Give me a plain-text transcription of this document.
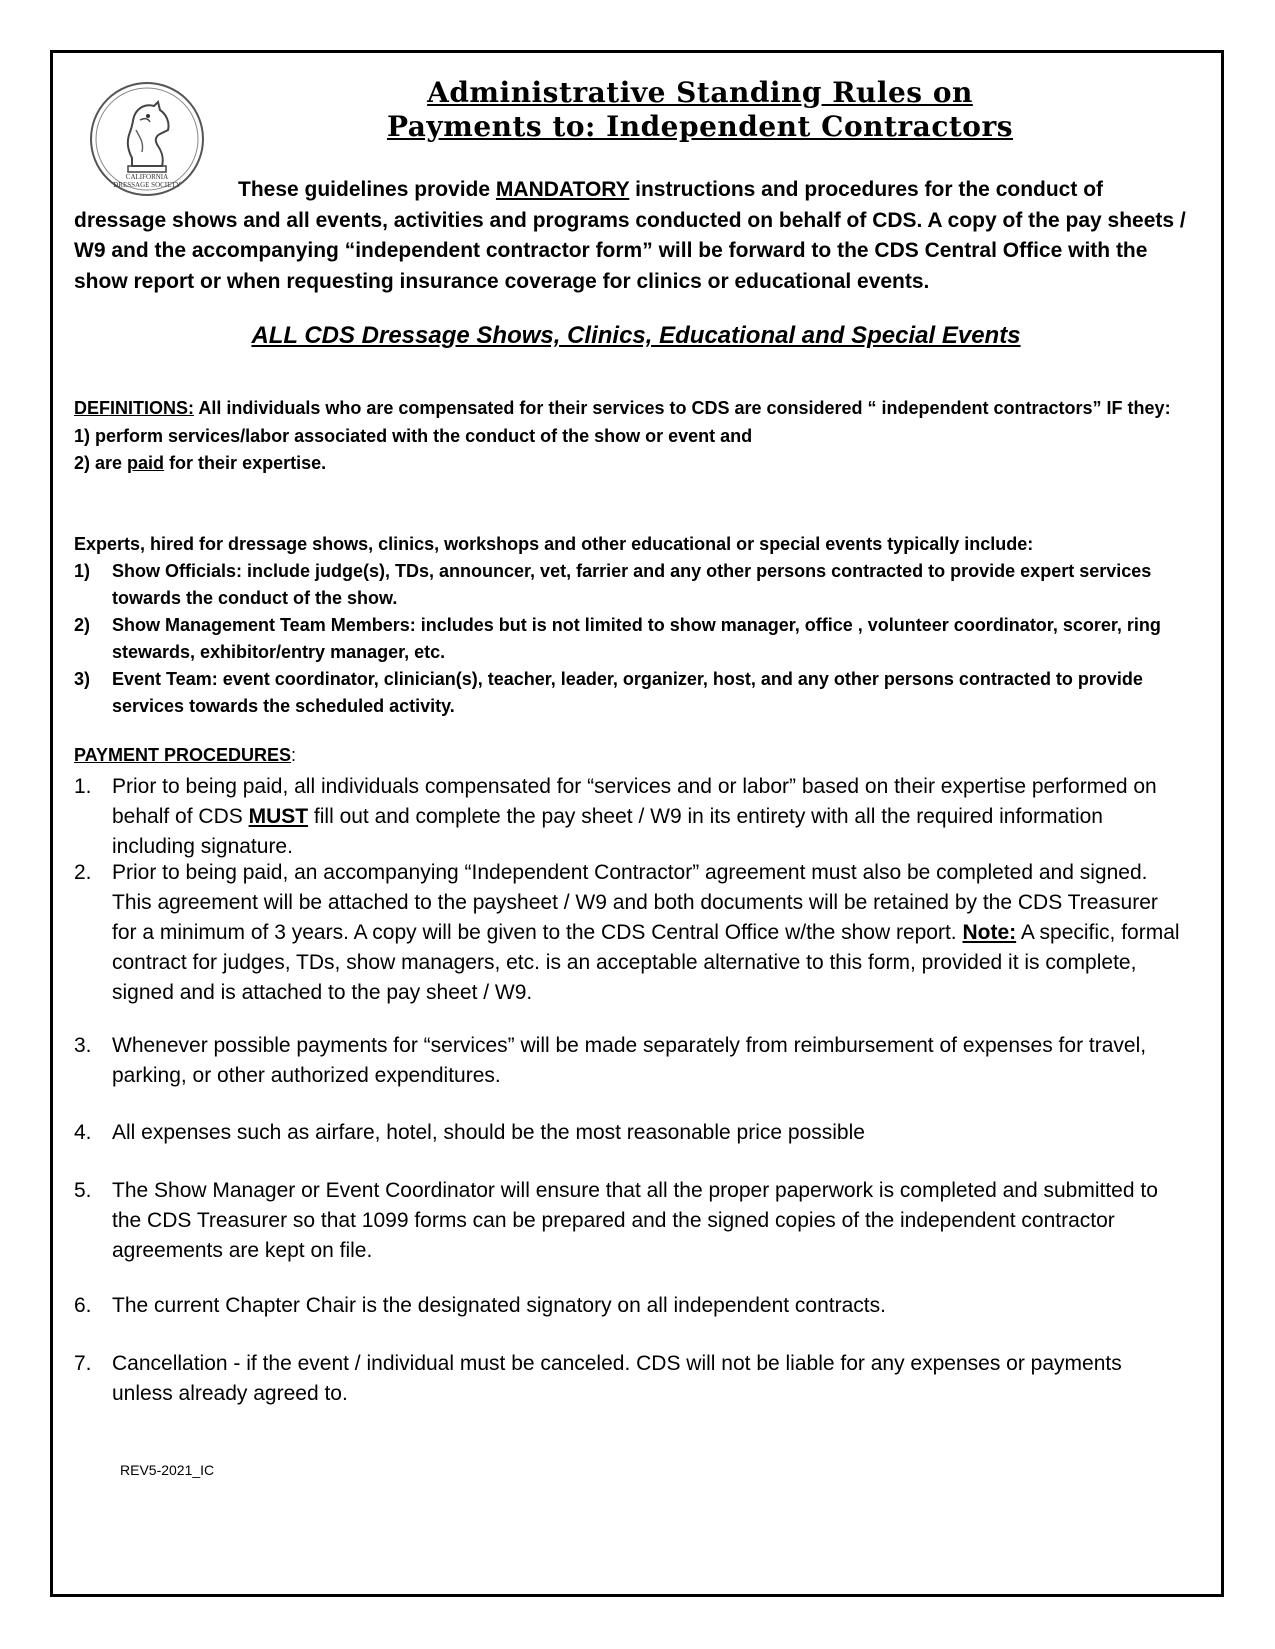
CALIFORNIA
DRESSAGE SOCIETY
Administrative Standing Rules on
Payments to: Independent Contractors
These guidelines provide MANDATORY instructions and procedures for the conduct of
dressage shows and all events, activities and programs conducted on behalf of CDS. A copy of the pay sheets / W9 and the accompanying “independent contractor form” will be forward to the CDS Central Office with the show report or when requesting insurance coverage for clinics or educational events.
ALL CDS Dressage Shows, Clinics, Educational and Special Events
DEFINITIONS: All individuals who are compensated for their services to CDS are considered “ independent contractors” IF they:
1) perform services/labor associated with the conduct of the show or event and
2) are paid for their expertise.
Experts, hired for dressage shows, clinics, workshops and other educational or special events typically include:
1) Show Officials: include judge(s), TDs, announcer, vet, farrier and any other persons contracted to provide expert services towards the conduct of the show.
2) Show Management Team Members: includes but is not limited to show manager, office , volunteer coordinator, scorer, ring stewards, exhibitor/entry manager, etc.
3) Event Team: event coordinator, clinician(s), teacher, leader, organizer, host, and any other persons contracted to provide services towards the scheduled activity.
PAYMENT PROCEDURES:
1. Prior to being paid, all individuals compensated for “services and or labor” based on their expertise performed on behalf of CDS MUST fill out and complete the pay sheet / W9 in its entirety with all the required information including signature.
2. Prior to being paid, an accompanying “Independent Contractor” agreement must also be completed and signed. This agreement will be attached to the paysheet / W9 and both documents will be retained by the CDS Treasurer for a minimum of 3 years. A copy will be given to the CDS Central Office w/the show report. Note: A specific, formal contract for judges, TDs, show managers, etc. is an acceptable alternative to this form, provided it is complete, signed and is attached to the pay sheet / W9.
3. Whenever possible payments for “services” will be made separately from reimbursement of expenses for travel, parking, or other authorized expenditures.
4. All expenses such as airfare, hotel, should be the most reasonable price possible
5. The Show Manager or Event Coordinator will ensure that all the proper paperwork is completed and submitted to the CDS Treasurer so that 1099 forms can be prepared and the signed copies of the independent contractor agreements are kept on file.
6. The current Chapter Chair is the designated signatory on all independent contracts.
7. Cancellation - if the event / individual must be canceled. CDS will not be liable for any expenses or payments unless already agreed to.
REV5-2021_IC
